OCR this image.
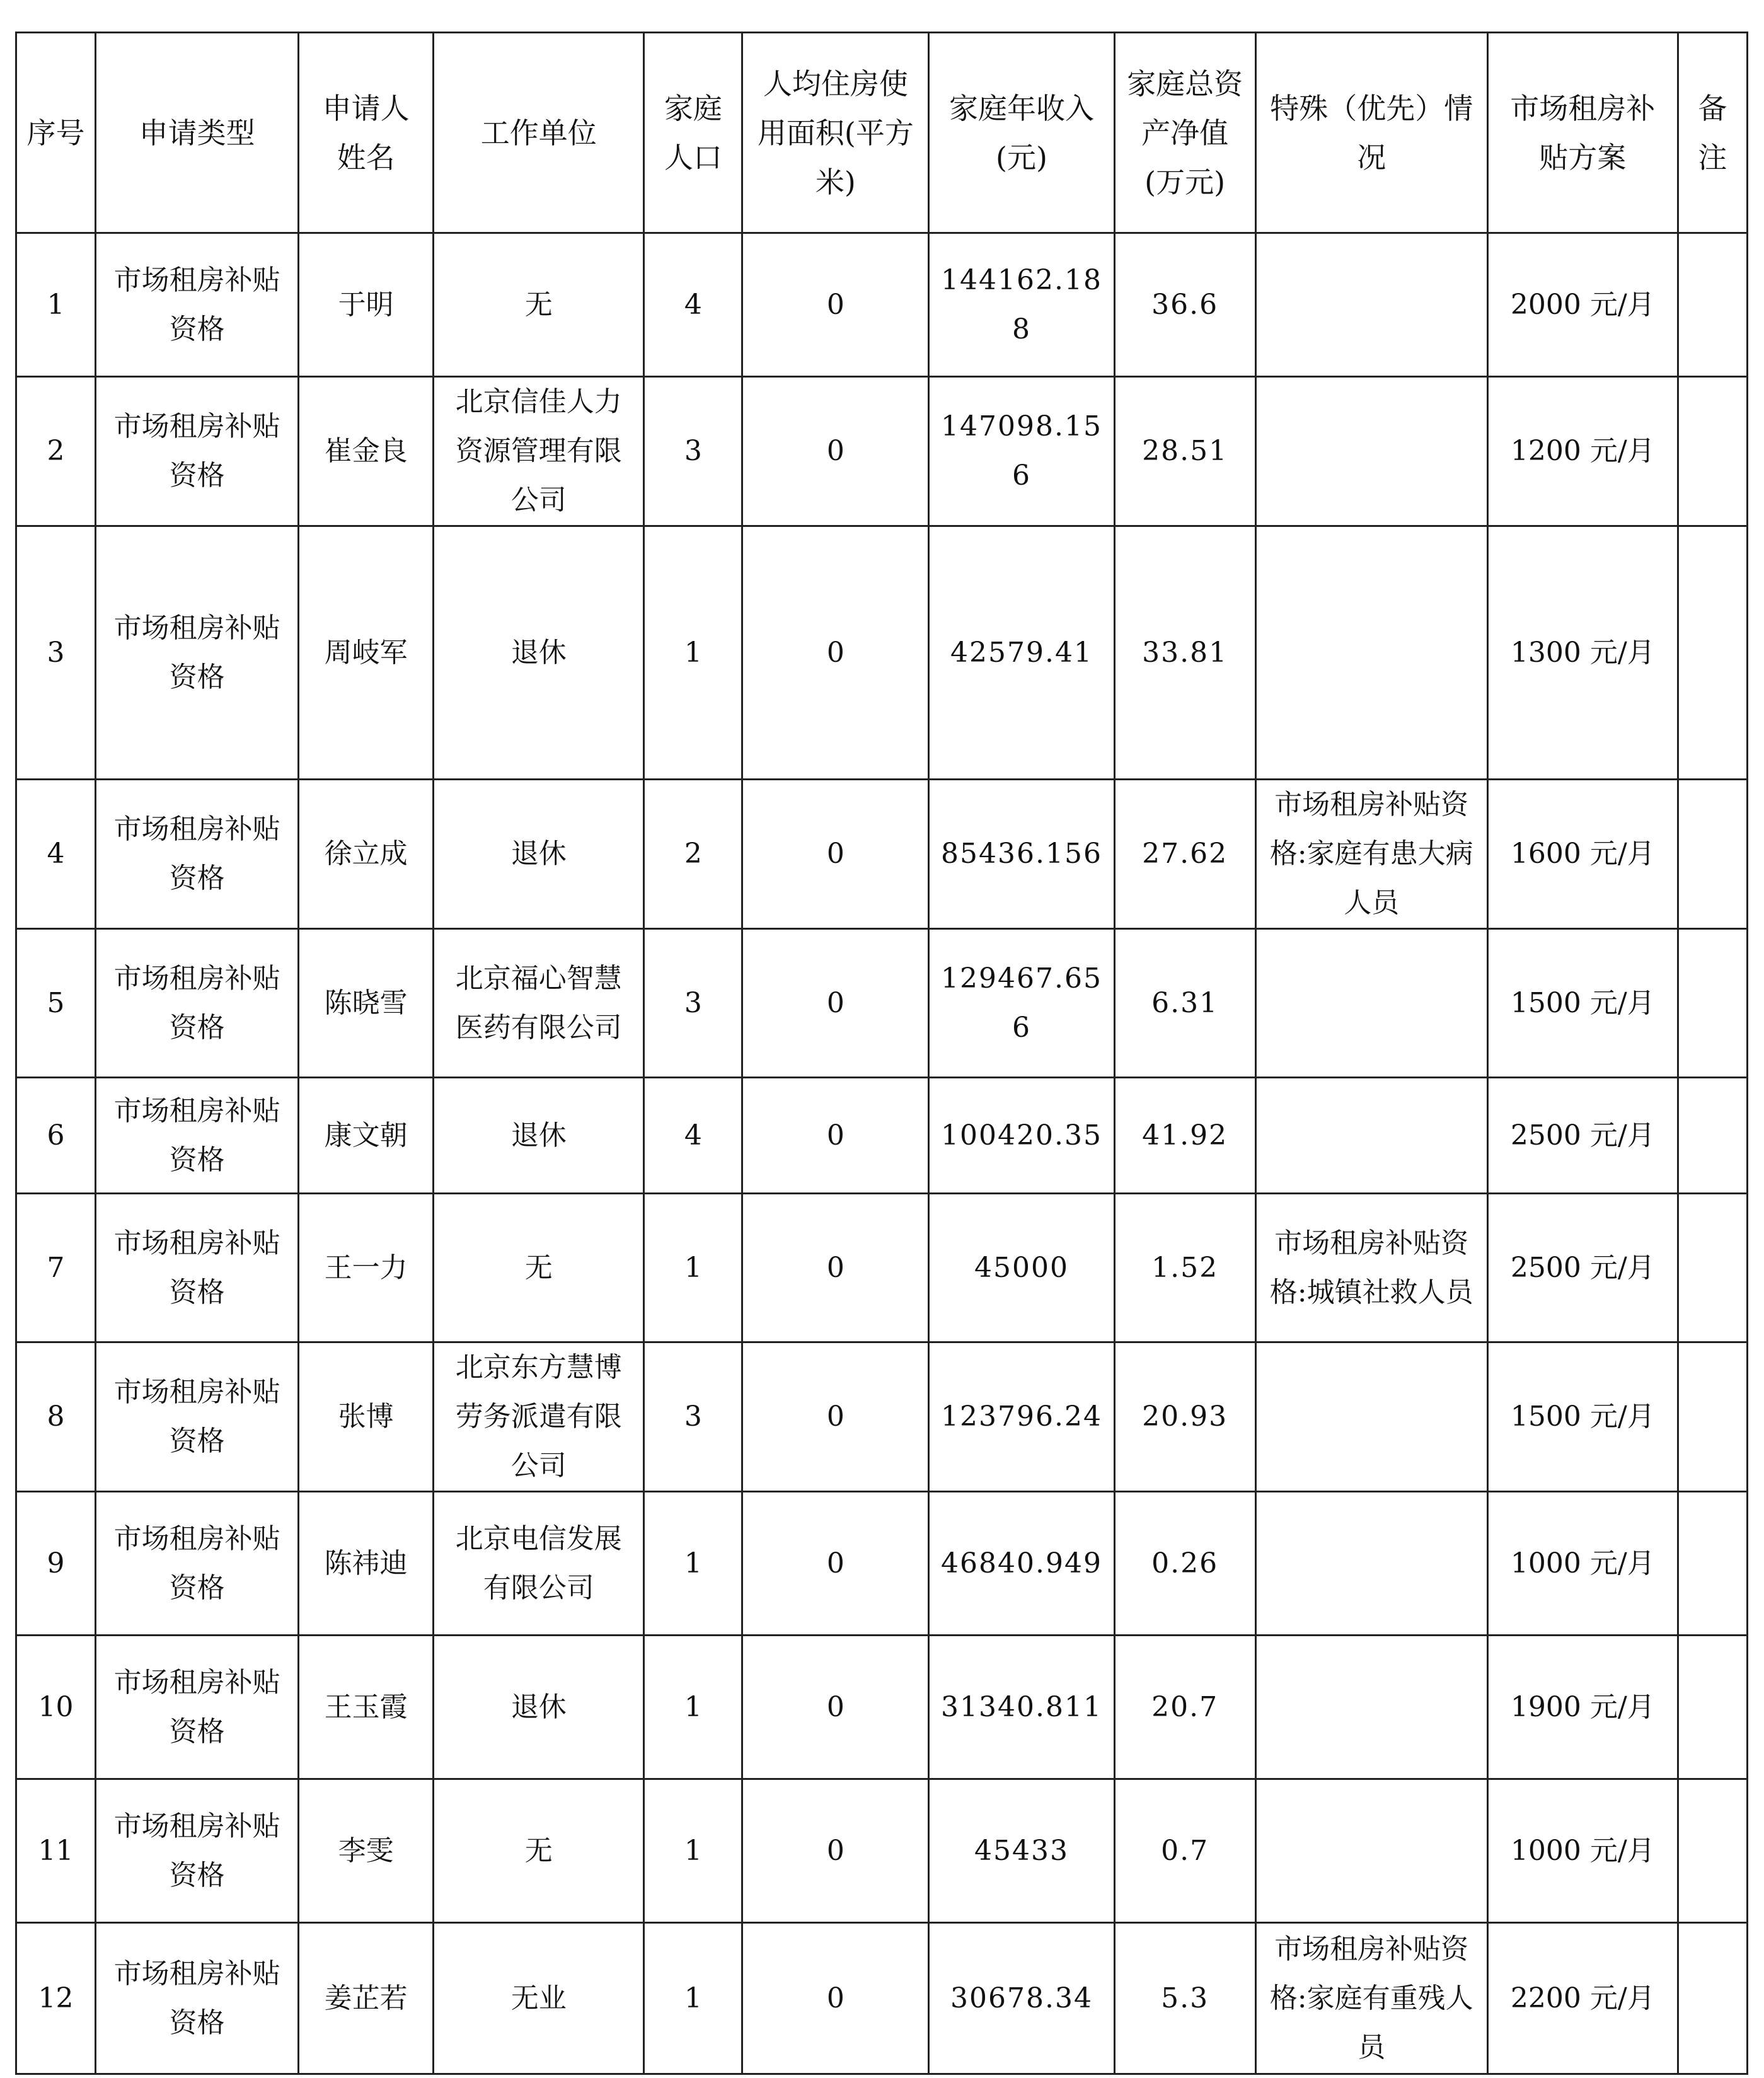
序号	申请类型	申请人姓名	工作单位	家庭人口	人均住房使用面积(平方米)	家庭年收入(元)	家庭总资产净值(万元)	特殊（优先）情况	市场租房补贴方案	备注
1	市场租房补贴资格	于明	无	4	0	144162.188	36.6		2000 元/月	
2	市场租房补贴资格	崔金良	北京信佳人力资源管理有限公司	3	0	147098.156	28.51		1200 元/月	
3	市场租房补贴资格	周岐军	退休	1	0	42579.41	33.81		1300 元/月	
4	市场租房补贴资格	徐立成	退休	2	0	85436.156	27.62	市场租房补贴资格:家庭有患大病人员	1600 元/月	
5	市场租房补贴资格	陈晓雪	北京福心智慧医药有限公司	3	0	129467.656	6.31		1500 元/月	
6	市场租房补贴资格	康文朝	退休	4	0	100420.35	41.92		2500 元/月	
7	市场租房补贴资格	王一力	无	1	0	45000	1.52	市场租房补贴资格:城镇社救人员	2500 元/月	
8	市场租房补贴资格	张博	北京东方慧博劳务派遣有限公司	3	0	123796.24	20.93		1500 元/月	
9	市场租房补贴资格	陈祎迪	北京电信发展有限公司	1	0	46840.949	0.26		1000 元/月	
10	市场租房补贴资格	王玉霞	退休	1	0	31340.811	20.7		1900 元/月	
11	市场租房补贴资格	李雯	无	1	0	45433	0.7		1000 元/月	
12	市场租房补贴资格	姜芷若	无业	1	0	30678.34	5.3	市场租房补贴资格:家庭有重残人员	2200 元/月	
